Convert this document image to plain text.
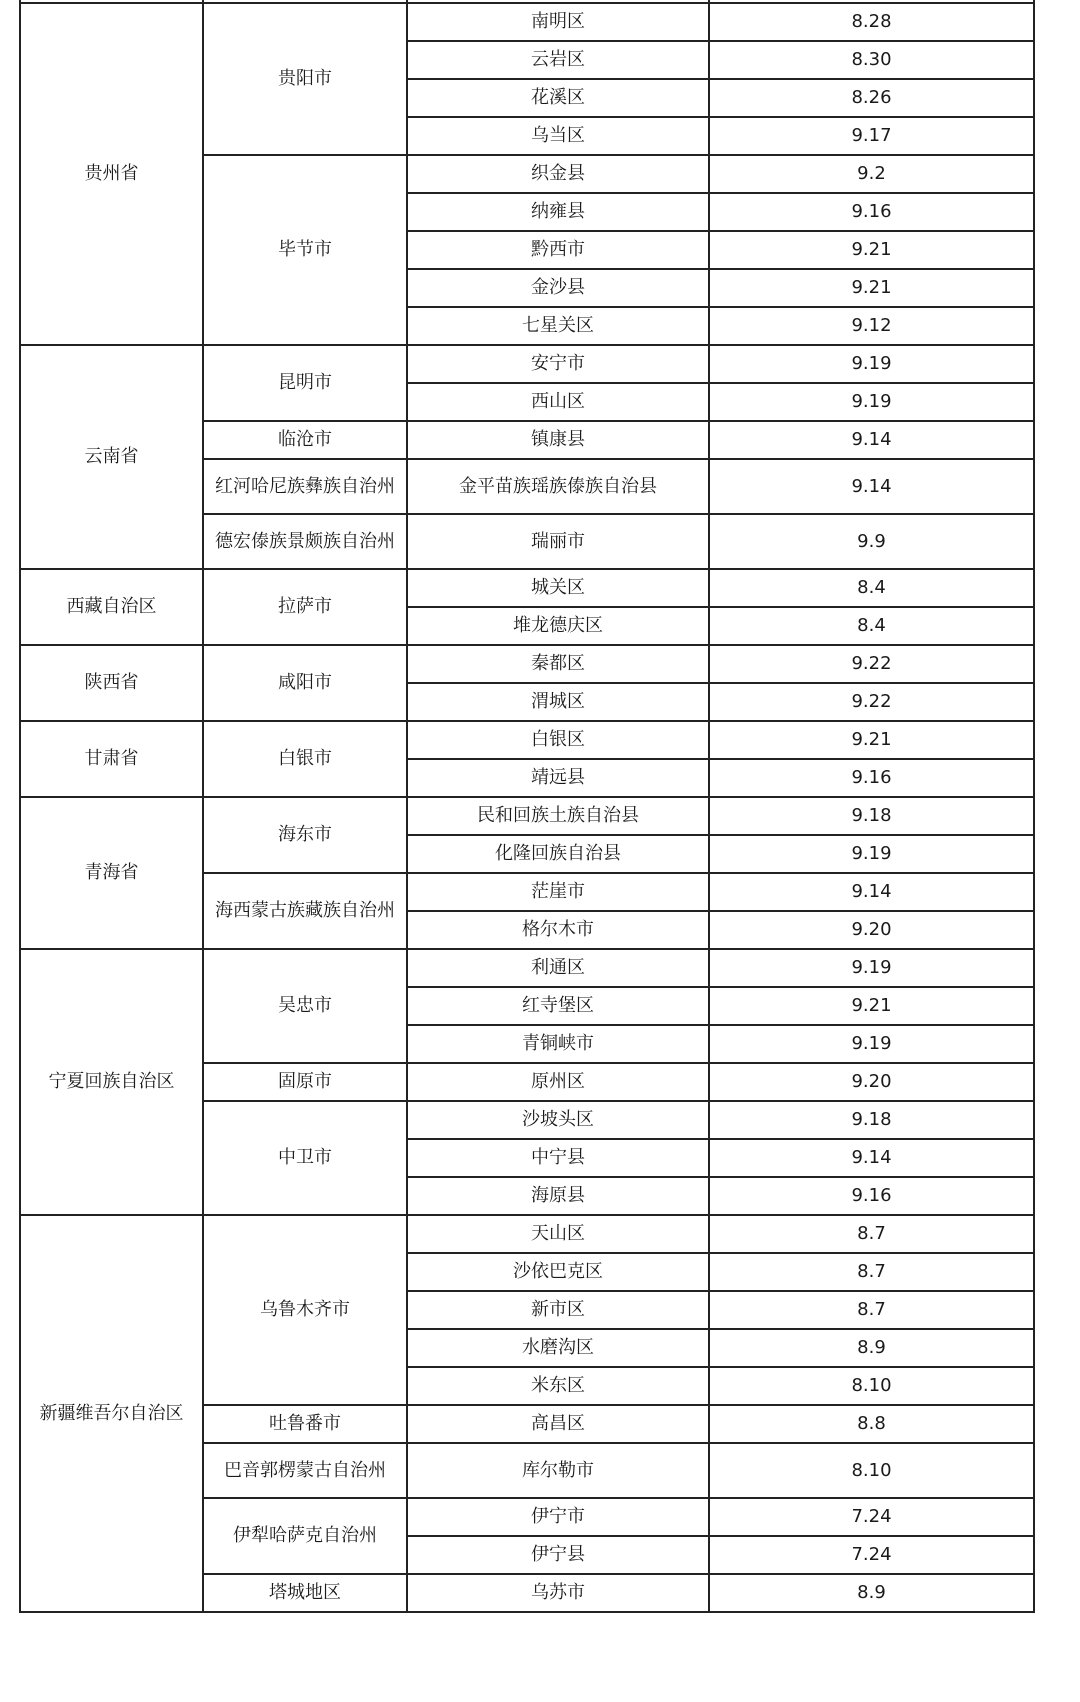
贵州省	贵阳市	南明区	8.28
		云岩区	8.30
		花溪区	8.26
		乌当区	9.17
	毕节市	织金县	9.2
		纳雍县	9.16
		黔西市	9.21
		金沙县	9.21
		七星关区	9.12
云南省	昆明市	安宁市	9.19
		西山区	9.19
	临沧市	镇康县	9.14
	红河哈尼族彝族自治州	金平苗族瑶族傣族自治县	9.14
	德宏傣族景颇族自治州	瑞丽市	9.9
西藏自治区	拉萨市	城关区	8.4
		堆龙德庆区	8.4
陕西省	咸阳市	秦都区	9.22
		渭城区	9.22
甘肃省	白银市	白银区	9.21
		靖远县	9.16
青海省	海东市	民和回族土族自治县	9.18
		化隆回族自治县	9.19
	海西蒙古族藏族自治州	茫崖市	9.14
		格尔木市	9.20
宁夏回族自治区	吴忠市	利通区	9.19
		红寺堡区	9.21
		青铜峡市	9.19
	固原市	原州区	9.20
	中卫市	沙坡头区	9.18
		中宁县	9.14
		海原县	9.16
新疆维吾尔自治区	乌鲁木齐市	天山区	8.7
		沙依巴克区	8.7
		新市区	8.7
		水磨沟区	8.9
		米东区	8.10
	吐鲁番市	高昌区	8.8
	巴音郭楞蒙古自治州	库尔勒市	8.10
	伊犁哈萨克自治州	伊宁市	7.24
		伊宁县	7.24
	塔城地区	乌苏市	8.9
